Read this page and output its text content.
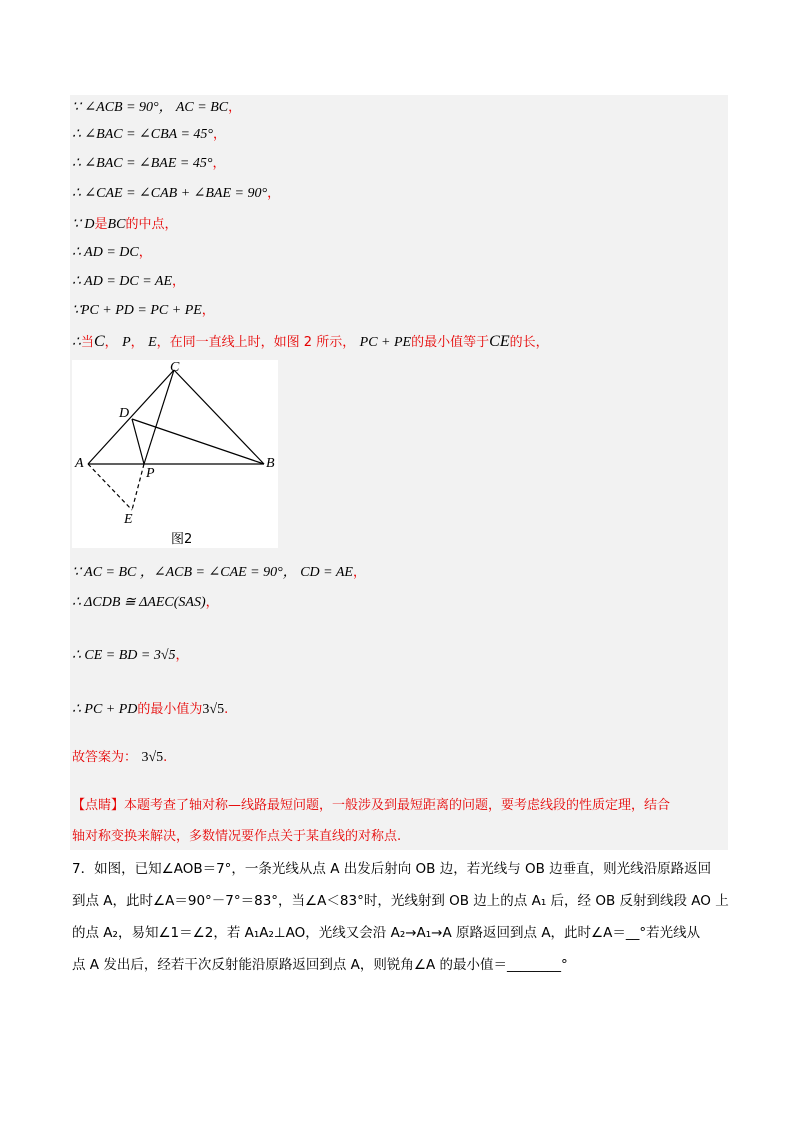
∵ ∠ACB = 90°， AC = BC，
∴ ∠BAC = ∠CBA = 45°，
∴ ∠BAC = ∠BAE = 45°，
∴ ∠CAE = ∠CAB + ∠BAE = 90°，
∵ D是BC的中点，
∴ AD = DC，
∴ AD = DC = AE，
∵PC + PD = PC + PE，
∴当C， P， E，在同一直线上时，如图 2 所示， PC + PE的最小值等于CE的长，
C
D
A	B
P
E
图2
∵ AC = BC ，∠ACB = ∠CAE = 90°， CD = AE，
∴ ΔCDB ≅ ΔAEC(SAS)，
∴ CE = BD = 3√5，
∴ PC + PD的最小值为3√5.
故答案为： 3√5.
【点睛】本题考查了轴对称—线路最短问题，一般涉及到最短距离的问题，要考虑线段的性质定理，结合
轴对称变换来解决，多数情况要作点关于某直线的对称点.
7．如图，已知∠AOB＝7°，一条光线从点 A 出发后射向 OB 边，若光线与 OB 边垂直，则光线沿原路返回
到点 A，此时∠A＝90°－7°＝83°，当∠A＜83°时，光线射到 OB 边上的点 A₁ 后，经 OB 反射到线段 AO 上
的点 A₂，易知∠1＝∠2，若 A₁A₂⊥AO，光线又会沿 A₂→A₁→A 原路返回到点 A，此时∠A＝__°若光线从
点 A 发出后，经若干次反射能沿原路返回到点 A，则锐角∠A 的最小值＝________°
